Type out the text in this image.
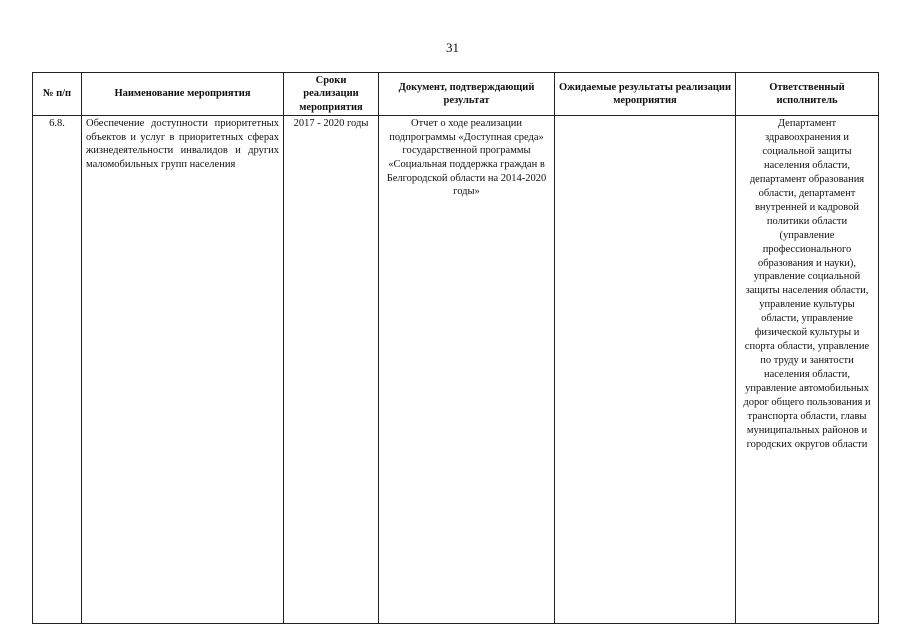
31
№ п/п	Наименование мероприятия	Сроки реализации мероприятия	Документ, подтверждающий результат	Ожидаемые результаты реализации мероприятия	Ответственный исполнитель
6.8.	Обеспечение доступности приоритетных объектов и услуг в приоритетных сферах жизнедеятельности инвалидов и других маломобильных групп населения	2017 - 2020 годы	Отчет о ходе реализации подпрограммы «Доступная среда» государственной программы «Социальная поддержка граждан в Белгородской области на 2014-2020 годы»		Департамент здравоохранения и социальной защиты населения области, департамент образования области, департамент внутренней и кадровой политики области (управление профессионального образования и науки), управление социальной защиты населения области, управление культуры области, управление физической культуры и спорта области, управление по труду и занятости населения области, управление автомобильных дорог общего пользования и транспорта области, главы муниципальных районов и городских округов области
